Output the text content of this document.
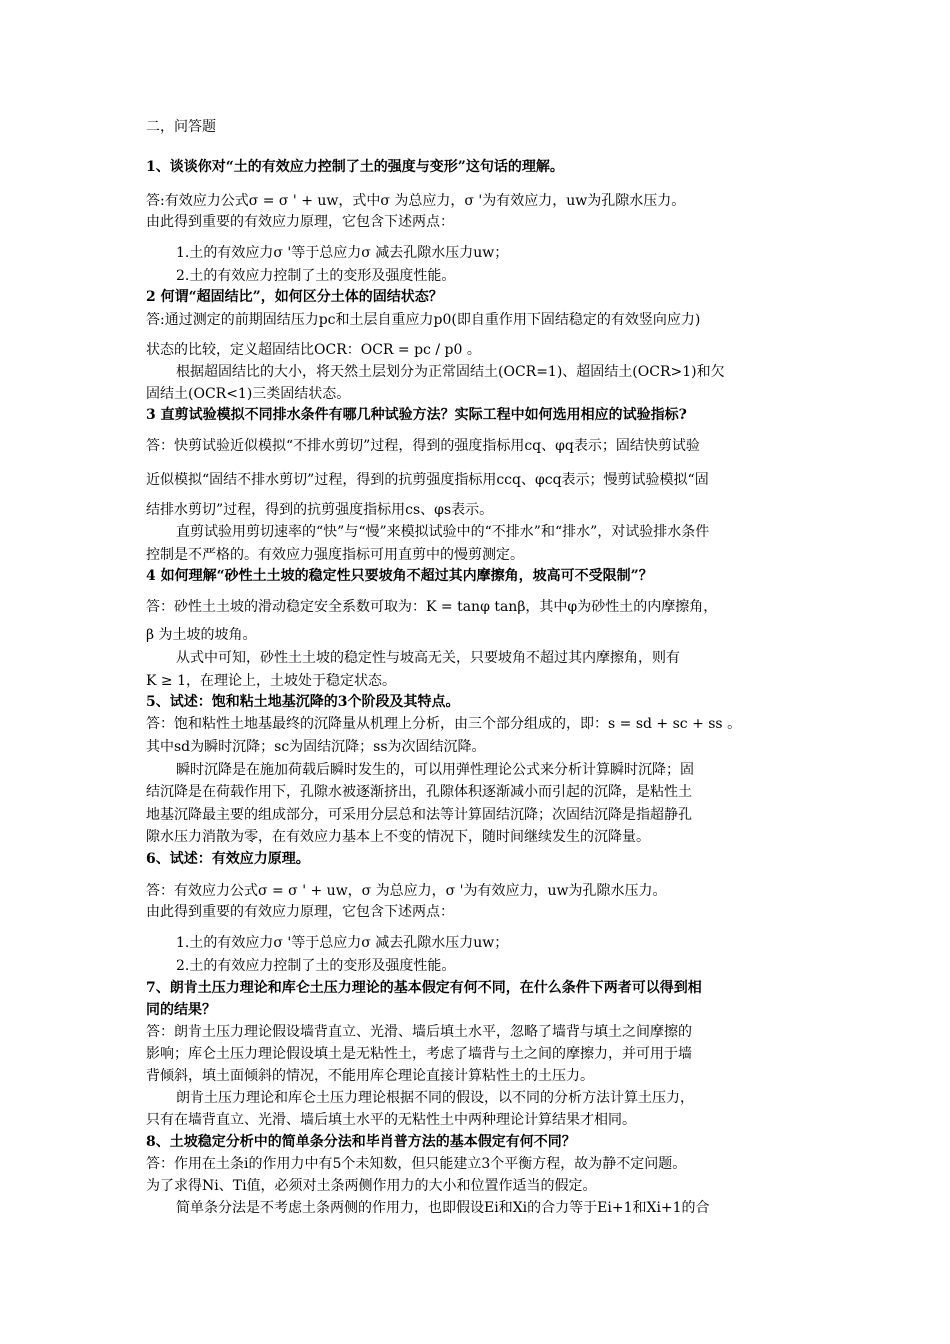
二，问答题
1、谈谈你对“土的有效应力控制了土的强度与变形”这句话的理解。
答:有效应力公式σ = σ ' + uw，式中σ 为总应力，σ '为有效应力，uw为孔隙水压力。
由此得到重要的有效应力原理，它包含下述两点：
1.土的有效应力σ '等于总应力σ 减去孔隙水压力uw；
2.土的有效应力控制了土的变形及强度性能。
2 何谓“超固结比”，如何区分土体的固结状态？
答:通过测定的前期固结压力pc和土层自重应力p0(即自重作用下固结稳定的有效竖向应力)
状态的比较，定义超固结比OCR：OCR = pc / p0 。
根据超固结比的大小，将天然土层划分为正常固结土(OCR=1)、超固结土(OCR>1)和欠
固结土(OCR<1)三类固结状态。
3 直剪试验模拟不同排水条件有哪几种试验方法？实际工程中如何选用相应的试验指标?
答：快剪试验近似模拟“不排水剪切”过程，得到的强度指标用cq、φq表示；固结快剪试验
近似模拟“固结不排水剪切”过程，得到的抗剪强度指标用ccq、φcq表示；慢剪试验模拟“固
结排水剪切”过程，得到的抗剪强度指标用cs、φs表示。
直剪试验用剪切速率的“快”与“慢”来模拟试验中的“不排水”和“排水”，对试验排水条件
控制是不严格的。有效应力强度指标可用直剪中的慢剪测定。
4 如何理解“砂性土土坡的稳定性只要坡角不超过其内摩擦角，坡高可不受限制”？
答：砂性土土坡的滑动稳定安全系数可取为：K = tanφ tanβ，其中φ为砂性土的内摩擦角，
β 为土坡的坡角。
从式中可知，砂性土土坡的稳定性与坡高无关，只要坡角不超过其内摩擦角，则有
K ≥ 1，在理论上，土坡处于稳定状态。
5、试述：饱和粘土地基沉降的3个阶段及其特点。
答：饱和粘性土地基最终的沉降量从机理上分析，由三个部分组成的，即：s = sd + sc + ss 。
其中sd为瞬时沉降；sc为固结沉降；ss为次固结沉降。
瞬时沉降是在施加荷载后瞬时发生的，可以用弹性理论公式来分析计算瞬时沉降；固
结沉降是在荷载作用下，孔隙水被逐渐挤出，孔隙体积逐渐减小而引起的沉降，是粘性土
地基沉降最主要的组成部分，可采用分层总和法等计算固结沉降；次固结沉降是指超静孔
隙水压力消散为零，在有效应力基本上不变的情况下，随时间继续发生的沉降量。
6、试述：有效应力原理。
答：有效应力公式σ = σ ' + uw，σ 为总应力，σ '为有效应力，uw为孔隙水压力。
由此得到重要的有效应力原理，它包含下述两点：
1.土的有效应力σ '等于总应力σ 减去孔隙水压力uw；
2.土的有效应力控制了土的变形及强度性能。
7、朗肯土压力理论和库仑土压力理论的基本假定有何不同，在什么条件下两者可以得到相
同的结果？
答：朗肯土压力理论假设墙背直立、光滑、墙后填土水平，忽略了墙背与填土之间摩擦的
影响；库仑土压力理论假设填土是无粘性土，考虑了墙背与土之间的摩擦力，并可用于墙
背倾斜，填土面倾斜的情况，不能用库仑理论直接计算粘性土的土压力。
朗肯土压力理论和库仑土压力理论根据不同的假设，以不同的分析方法计算土压力，
只有在墙背直立、光滑、墙后填土水平的无粘性土中两种理论计算结果才相同。
8、土坡稳定分析中的简单条分法和毕肖普方法的基本假定有何不同？
答：作用在土条i的作用力中有5个未知数，但只能建立3个平衡方程，故为静不定问题。
为了求得Ni、Ti值，必须对土条两侧作用力的大小和位置作适当的假定。
简单条分法是不考虑土条两侧的作用力，也即假设Ei和Xi的合力等于Ei+1和Xi+1的合
